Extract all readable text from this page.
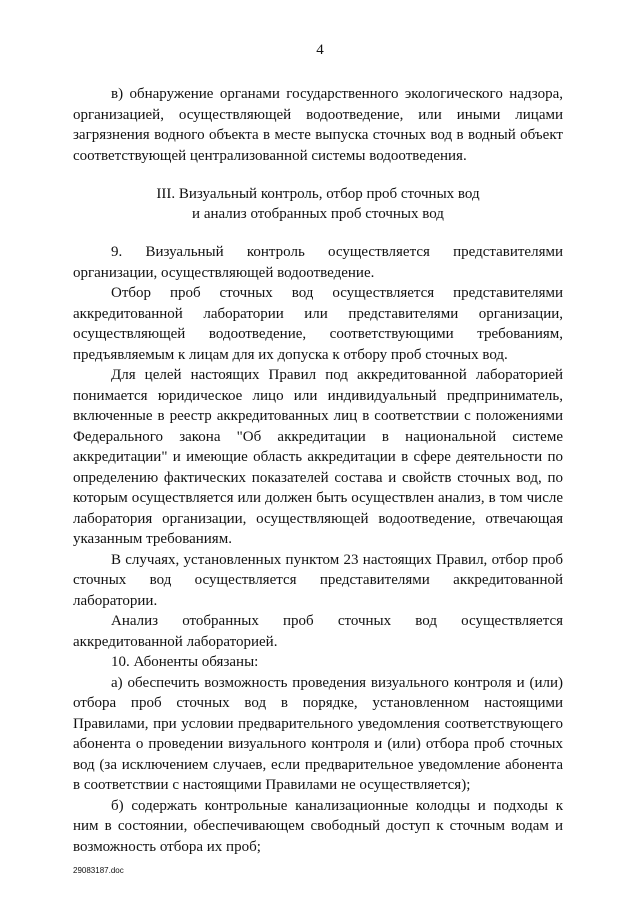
4

в) обнаружение органами государственного экологического надзора, организацией, осуществляющей водоотведение, или иными лицами загрязнения водного объекта в месте выпуска сточных вод в водный объект соответствующей централизованной системы водоотведения.

III. Визуальный контроль, отбор проб сточных вод
и анализ отобранных проб сточных вод

9. Визуальный контроль осуществляется представителями организации, осуществляющей водоотведение.

Отбор проб сточных вод осуществляется представителями аккредитованной лаборатории или представителями организации, осуществляющей водоотведение, соответствующими требованиям, предъявляемым к лицам для их допуска к отбору проб сточных вод.

Для целей настоящих Правил под аккредитованной лабораторией понимается юридическое лицо или индивидуальный предприниматель, включенные в реестр аккредитованных лиц в соответствии с положениями Федерального закона "Об аккредитации в национальной системе аккредитации" и имеющие область аккредитации в сфере деятельности по определению фактических показателей состава и свойств сточных вод, по которым осуществляется или должен быть осуществлен анализ, в том числе лаборатория организации, осуществляющей водоотведение, отвечающая указанным требованиям.

В случаях, установленных пунктом 23 настоящих Правил, отбор проб сточных вод осуществляется представителями аккредитованной лаборатории.

Анализ отобранных проб сточных вод осуществляется аккредитованной лабораторией.

10. Абоненты обязаны:

а) обеспечить возможность проведения визуального контроля и (или) отбора проб сточных вод в порядке, установленном настоящими Правилами, при условии предварительного уведомления соответствующего абонента о проведении визуального контроля и (или) отбора проб сточных вод (за исключением случаев, если предварительное уведомление абонента в соответствии с настоящими Правилами не осуществляется);

б) содержать контрольные канализационные колодцы и подходы к ним в состоянии, обеспечивающем свободный доступ к сточным водам и возможность отбора их проб;

29083187.doc
